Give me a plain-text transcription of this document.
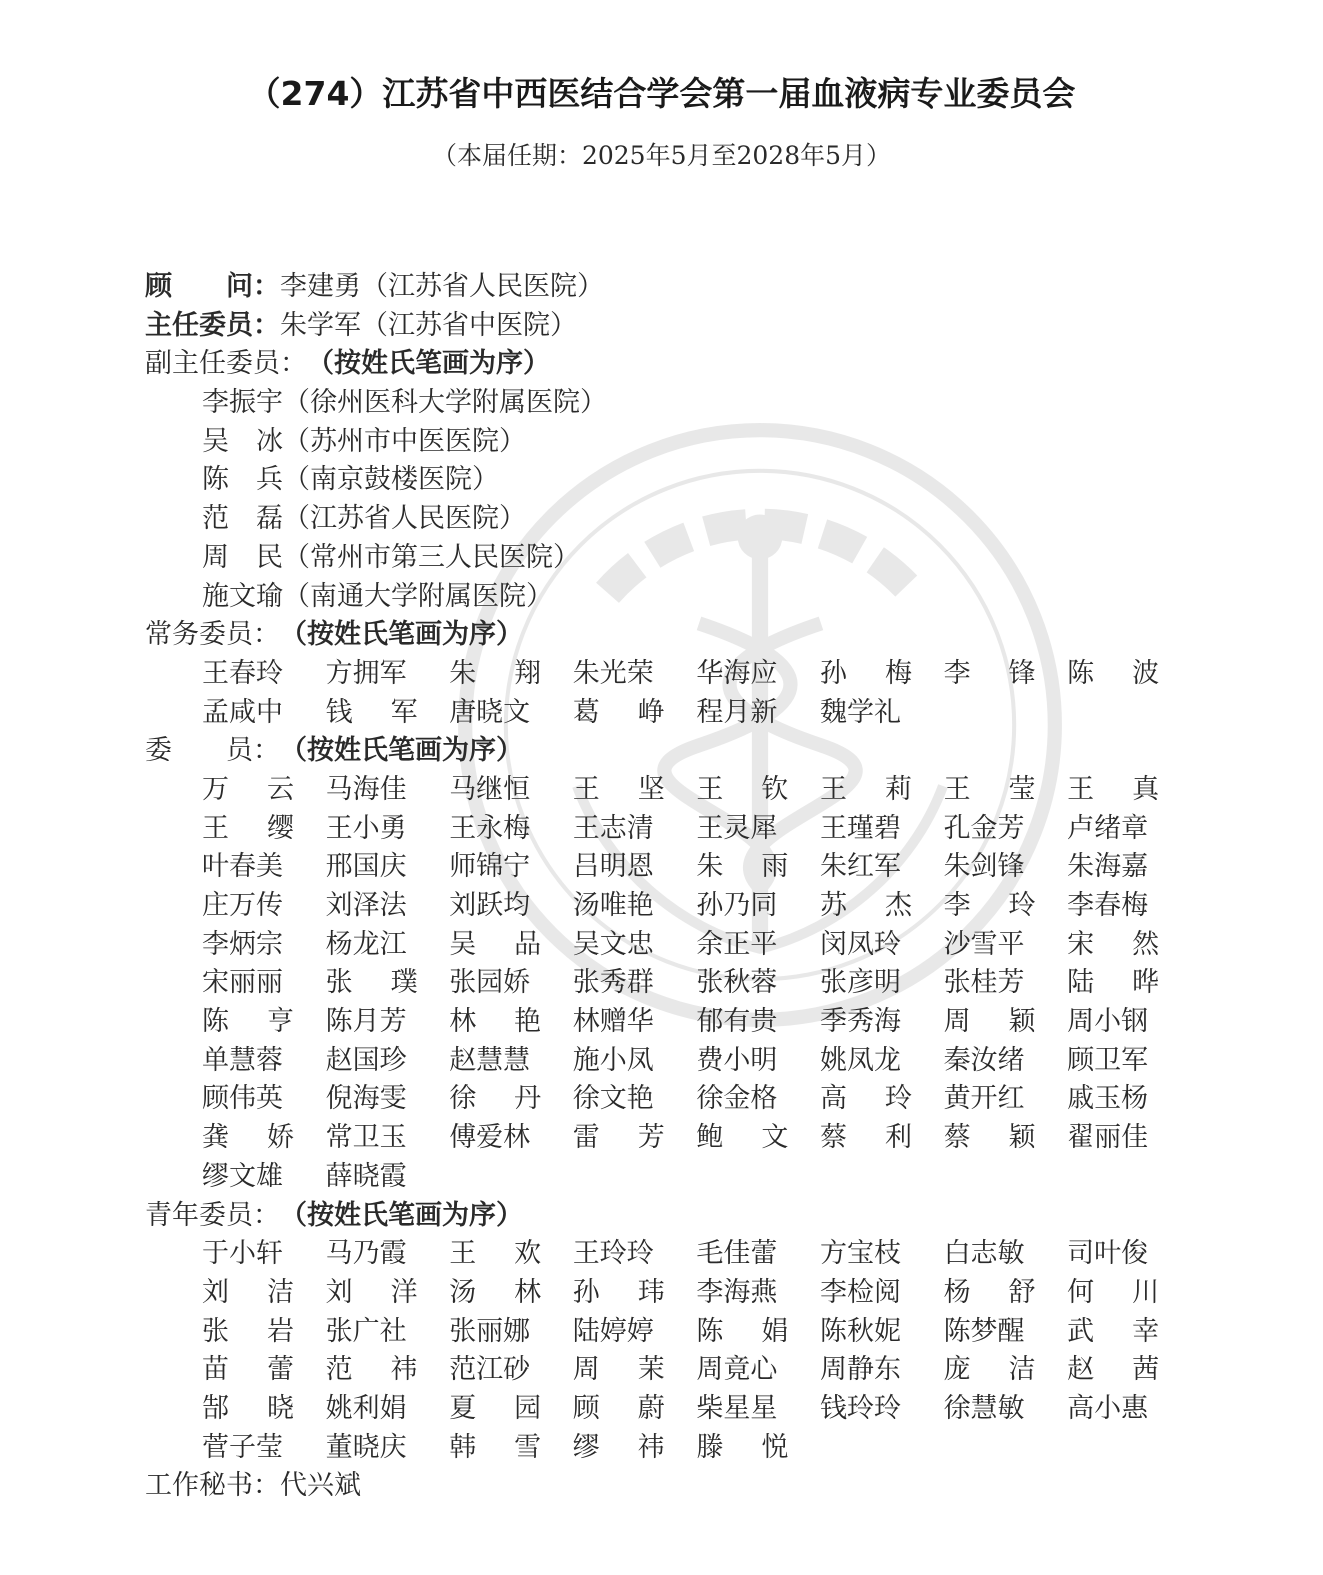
（274）江苏省中西医结合学会第一届血液病专业委员会
（本届任期：2025年5月至2028年5月）
顾　　问：李建勇（江苏省人民医院）
主任委员：朱学军（江苏省中医院）
副主任委员：（按姓氏笔画为序）
李振宇（徐州医科大学附属医院）
吴　冰（苏州市中医医院）
陈　兵（南京鼓楼医院）
范　磊（江苏省人民医院）
周　民（常州市第三人民医院）
施文瑜（南通大学附属医院）
常务委员：（按姓氏笔画为序）
王春玲	方拥军	朱翔 朱光荣	华海应	孙梅 李锋 陈波
孟咸中	钱军 唐晓文	葛峥 程月新	魏学礼
委　　员：（按姓氏笔画为序）
万云 马海佳	马继恒	王坚 王钦 王莉 王莹 王真
王缨 王小勇	王永梅	王志清	王灵犀	王瑾碧	孔金芳	卢绪章
叶春美	邢国庆	师锦宁	吕明恩	朱雨 朱红军	朱剑锋	朱海嘉
庄万传	刘泽法	刘跃均	汤唯艳	孙乃同	苏杰 李玲 李春梅
李炳宗	杨龙江	吴品 吴文忠	余正平	闵凤玲	沙雪平	宋然
宋丽丽	张璞 张园娇	张秀群	张秋蓉	张彦明	张桂芳	陆晔
陈亨 陈月芳	林艳 林赠华	郁有贵	季秀海	周颖 周小钢
单慧蓉	赵国珍	赵慧慧	施小凤	费小明	姚凤龙	秦汝绪	顾卫军
顾伟英	倪海雯	徐丹 徐文艳	徐金格	高玲 黄开红	戚玉杨
龚娇 常卫玉	傅爱林	雷芳 鲍文 蔡利 蔡颖 翟丽佳
缪文雄	薛晓霞
青年委员：（按姓氏笔画为序）
于小轩	马乃霞	王欢 王玲玲	毛佳蕾	方宝枝	白志敏	司叶俊
刘洁 刘洋 汤林 孙玮 李海燕	李检阅	杨舒 何川
张岩 张广社	张丽娜	陆婷婷	陈娟 陈秋妮	陈梦醒	武幸
苗蕾 范祎 范江砂	周茉 周竟心	周静东	庞洁 赵茜
郜晓 姚利娟	夏园 顾蔚 柴星星	钱玲玲	徐慧敏	高小惠
菅子莹	董晓庆	韩雪 缪祎 滕悦
工作秘书：代兴斌
